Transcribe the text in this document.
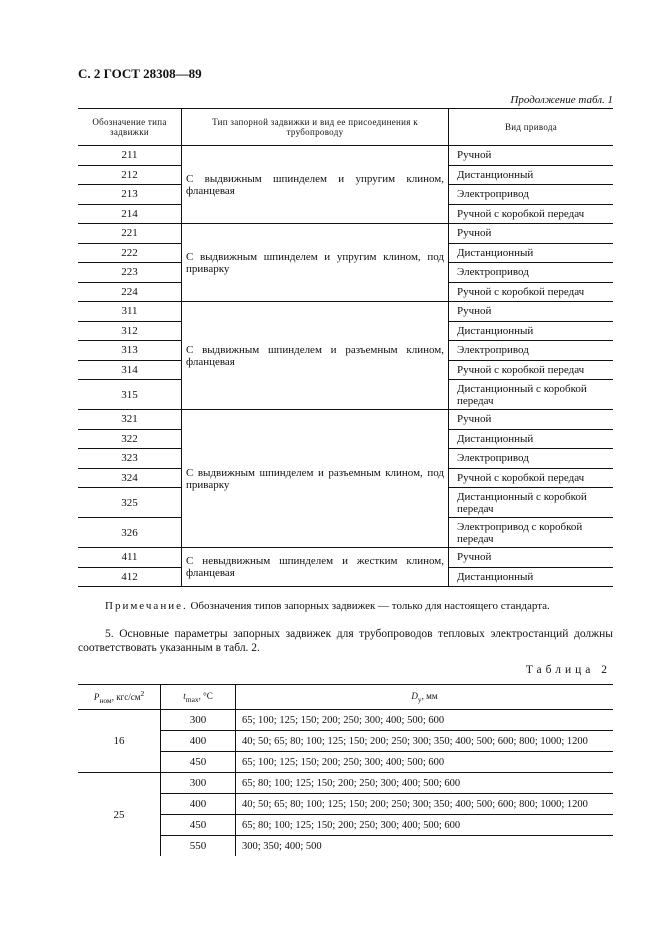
С. 2 ГОСТ 28308—89
Продолжение табл. 1
Обозначение типа задвижки	Тип запорной задвижки и вид ее присоединения к трубопроводу	Вид привода
211	С выдвижным шпинделем и упругим клином, фланцевая	Ручной
212		Дистанционный
213		Электропривод
214		Ручной с коробкой передач
221	С выдвижным шпинделем и упругим клином, под приварку	Ручной
222		Дистанционный
223		Электропривод
224		Ручной с коробкой передач
311	С выдвижным шпинделем и разъемным клином, фланцевая	Ручной
312		Дистанционный
313		Электропривод
314		Ручной с коробкой передач
315		Дистанционный с коробкой передач
321	С выдвижным шпинделем и разъемным клином, под приварку	Ручной
322		Дистанционный
323		Электропривод
324		Ручной с коробкой передач
325		Дистанционный с коробкой передач
326		Электропривод с коробкой передач
411	С невыдвижным шпинделем и жестким клином, фланцевая	Ручной
412		Дистанционный
Примечание. Обозначения типов запорных задвижек — только для настоящего стандарта.
5. Основные параметры запорных задвижек для трубопроводов тепловых электростанций должны соответствовать указанным в табл. 2.
Таблица 2
$P_{ном}$, кгс/$см^2$	$t_{max}$, °С	$D_y$, мм
16	300	65; 100; 125; 150; 200; 250; 300; 400; 500; 600
	400	40; 50; 65; 80; 100; 125; 150; 200; 250; 300; 350; 400; 500; 600; 800; 1000; 1200
	450	65; 100; 125; 150; 200; 250; 300; 400; 500; 600
25	300	65; 80; 100; 125; 150; 200; 250; 300; 400; 500; 600
	400	40; 50; 65; 80; 100; 125; 150; 200; 250; 300; 350; 400; 500; 600; 800; 1000; 1200
	450	65; 80; 100; 125; 150; 200; 250; 300; 400; 500; 600
	550	300; 350; 400; 500
